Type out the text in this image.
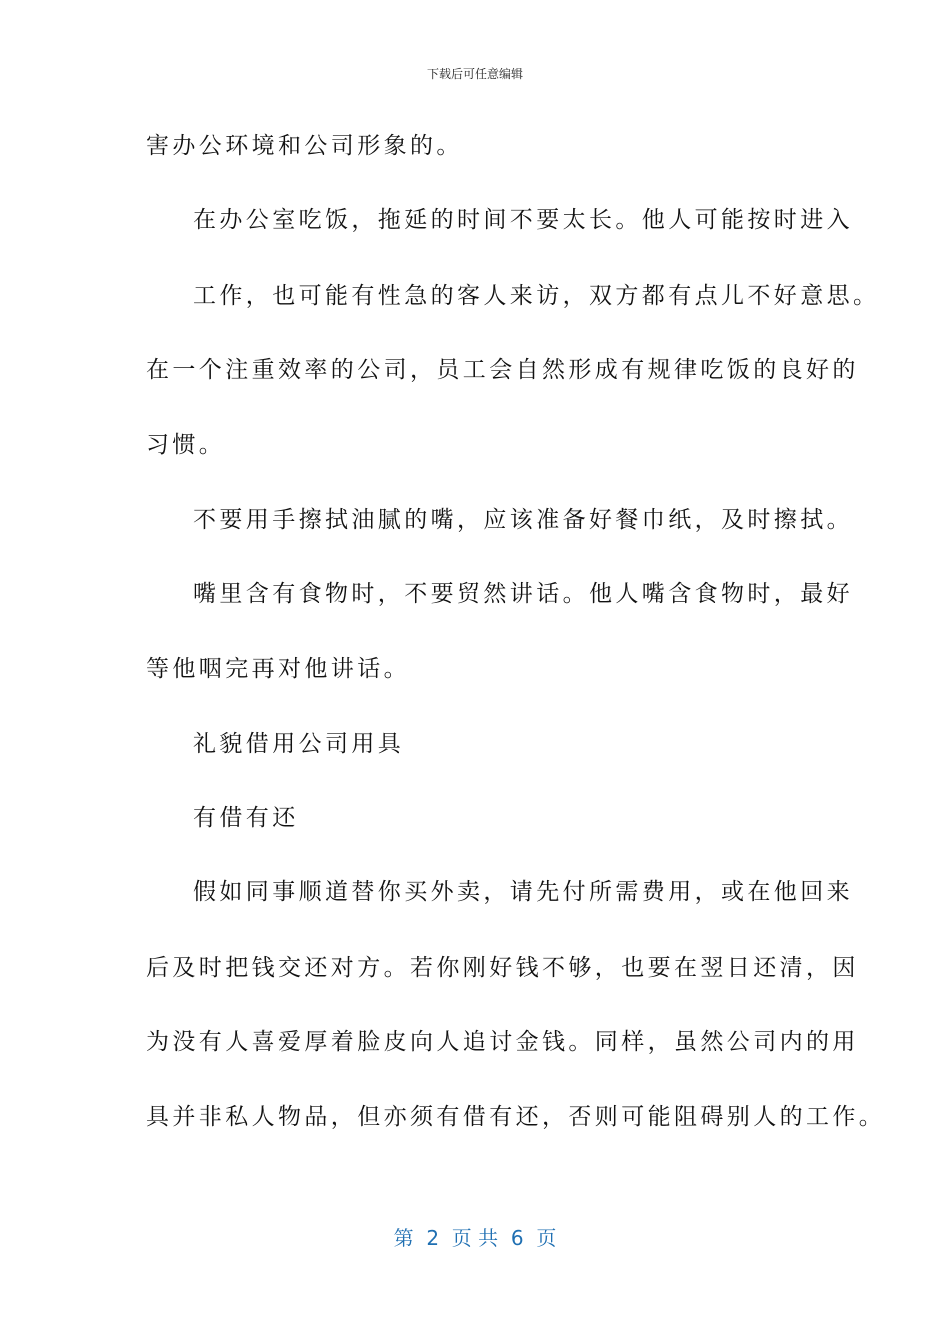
下载后可任意编辑
害办公环境和公司形象的。
在办公室吃饭，拖延的时间不要太长。他人可能按时进入
工作，也可能有性急的客人来访，双方都有点儿不好意思。
在一个注重效率的公司，员工会自然形成有规律吃饭的良好的
习惯。
不要用手擦拭油腻的嘴，应该准备好餐巾纸，及时擦拭。
嘴里含有食物时，不要贸然讲话。他人嘴含食物时，最好
等他咽完再对他讲话。
礼貌借用公司用具
有借有还
假如同事顺道替你买外卖，请先付所需费用，或在他回来
后及时把钱交还对方。若你刚好钱不够，也要在翌日还清，因
为没有人喜爱厚着脸皮向人追讨金钱。同样，虽然公司内的用
具并非私人物品，但亦须有借有还，否则可能阻碍别人的工作。
第  2  页 共  6  页
